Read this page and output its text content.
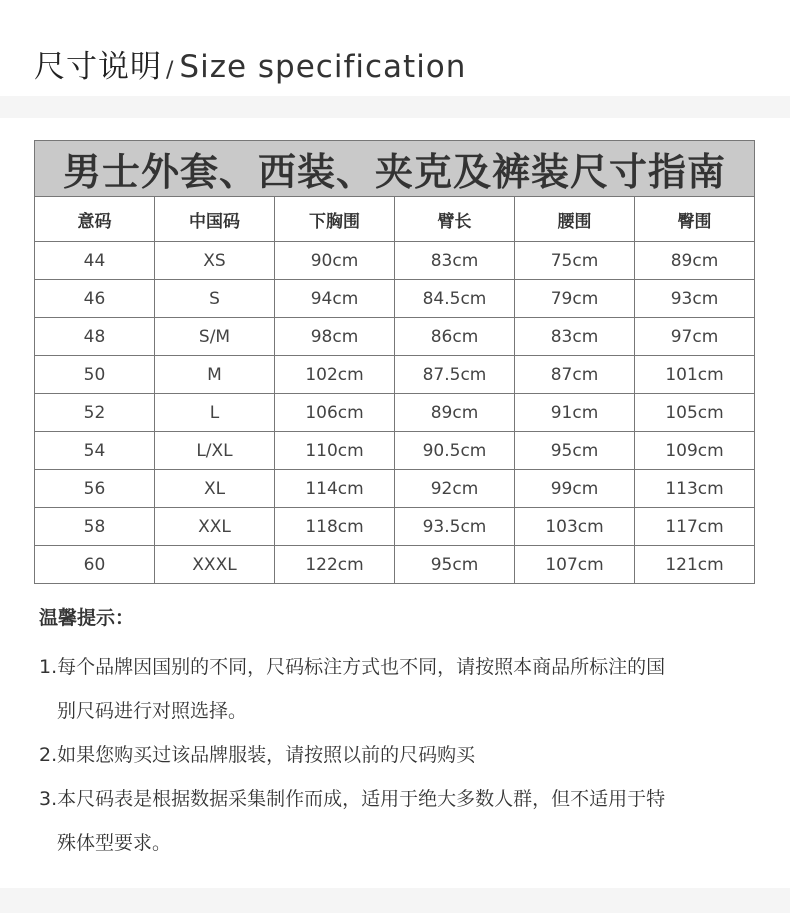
尺寸说明 / Size specification
男士外套、西装、夹克及裤装尺寸指南					
意码	中国码	下胸围	臂长	腰围	臀围
44	XS	90cm	83cm	75cm	89cm
46	S	94cm	84.5cm	79cm	93cm
48	S/M	98cm	86cm	83cm	97cm
50	M	102cm	87.5cm	87cm	101cm
52	L	106cm	89cm	91cm	105cm
54	L/XL	110cm	90.5cm	95cm	109cm
56	XL	114cm	92cm	99cm	113cm
58	XXL	118cm	93.5cm	103cm	117cm
60	XXXL	122cm	95cm	107cm	121cm

温馨提示：

1.每个品牌因国别的不同，尺码标注方式也不同，请按照本商品所标注的国

别尺码进行对照选择。

2.如果您购买过该品牌服装，请按照以前的尺码购买

3.本尺码表是根据数据采集制作而成，适用于绝大多数人群，但不适用于特

殊体型要求。
